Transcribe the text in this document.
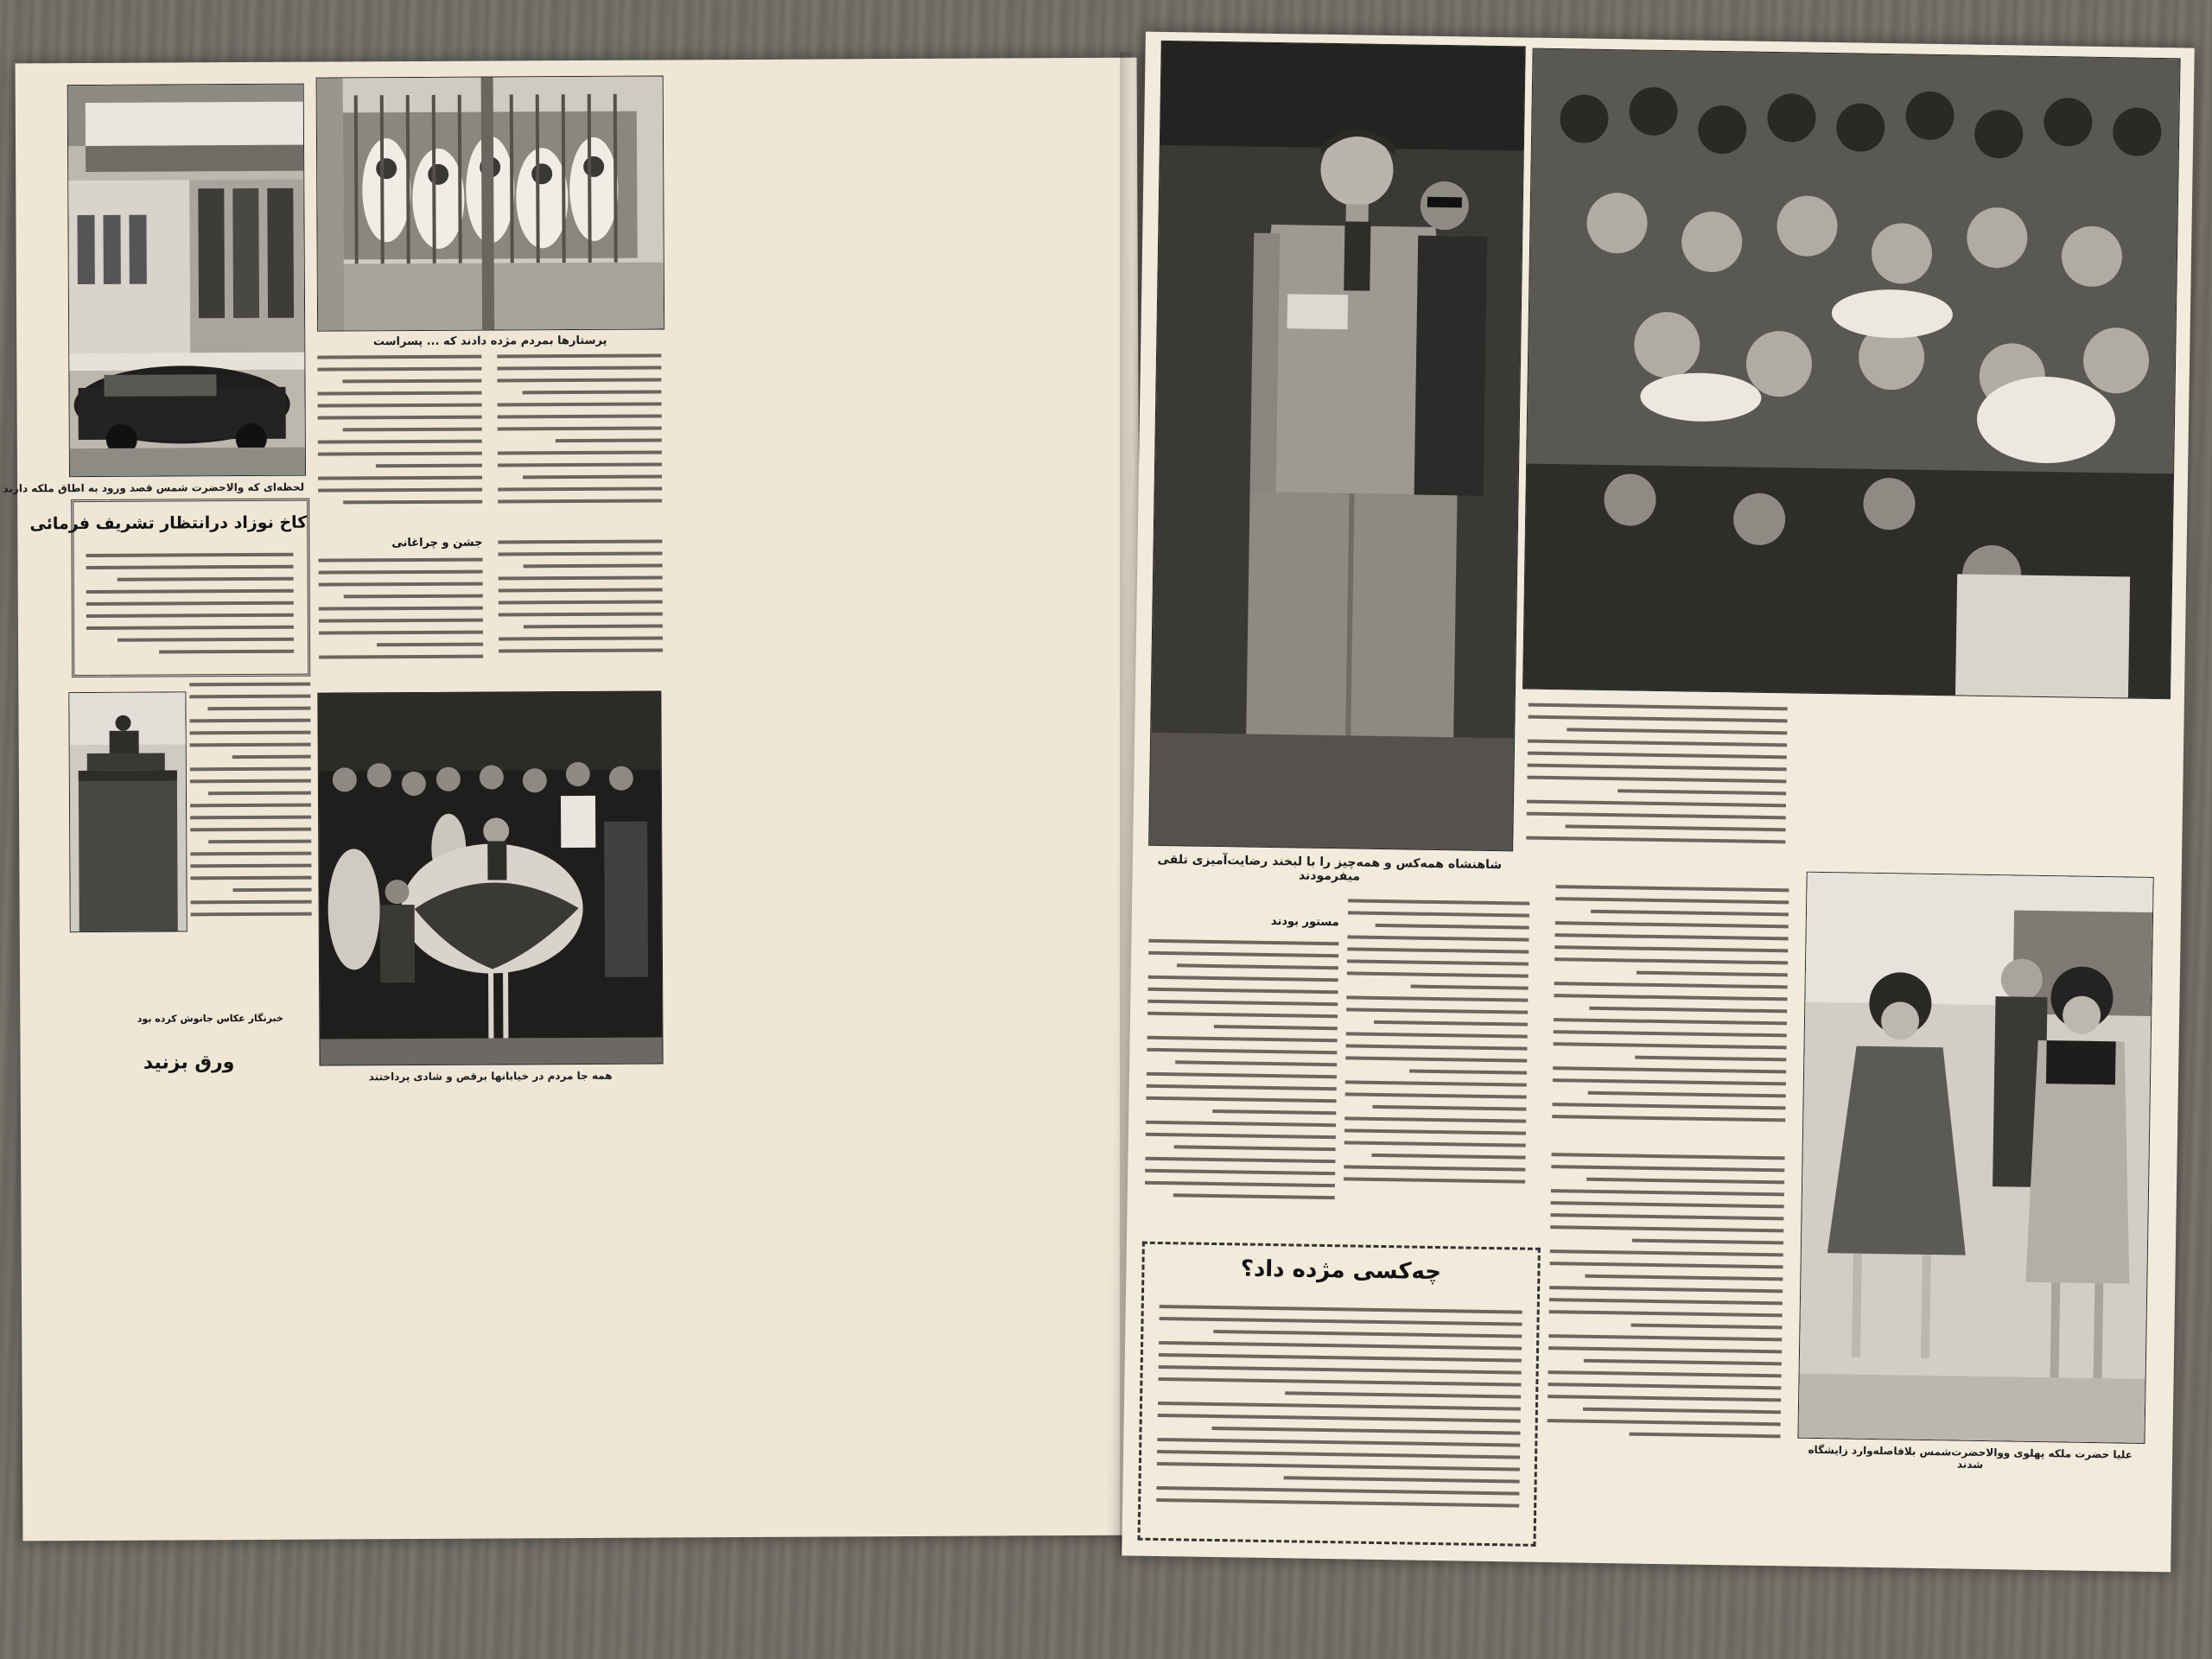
لحظه‌ای که والاحضرت شمس قصد ورود به اطاق ملکه دارند
پرستارها بمردم مژده دادند که ... پسراست
کاخ نوزاد درانتظار تشریف فرمائی
جشن و چراغانی
همه جا مردم در خیابانها برقص و شادی پرداختند
خبرنگار عکاس جانوش کرده بود
ورق بزنید
شاهنشاه همه‌کس و همه‌چیز را با لبخند رضایت‌آمیزی تلقی میفرمودند
علیا حضرت ملکه پهلوی ووالاحضرت‌شمس بلافاصله‌وارد زایشگاه شدند
مستور بودند
چه‌کسی مژده داد؟
